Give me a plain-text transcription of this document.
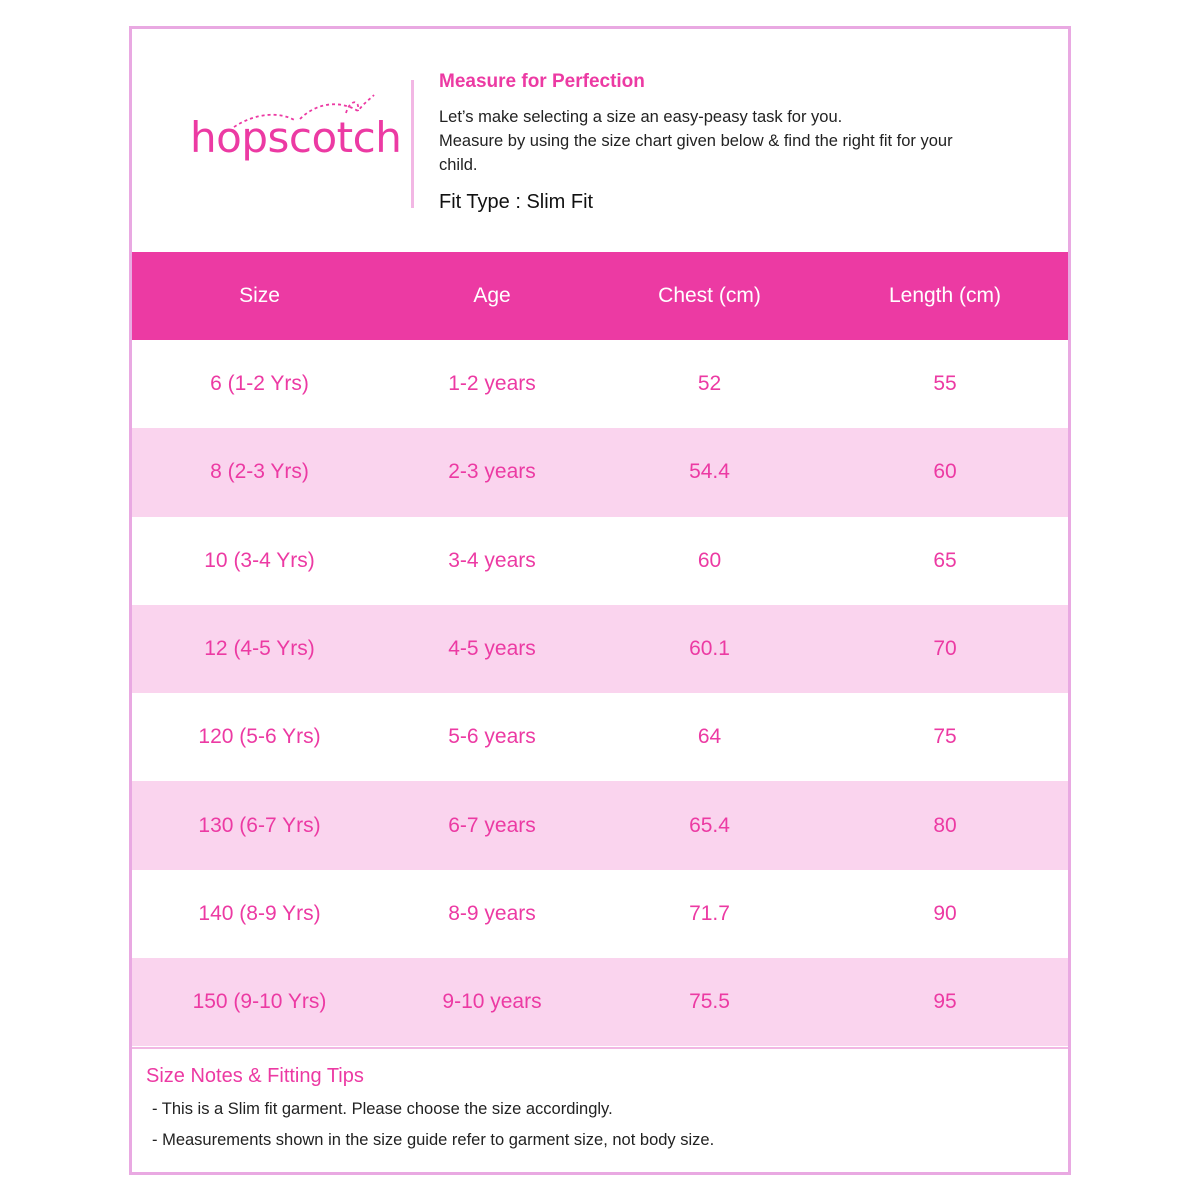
hopscotch

Measure for Perfection

Let’s make selecting a size an easy-peasy task for you.

Measure by using the size chart given below & find the right fit for your

child.

Fit Type : Slim Fit
Size	Age	Chest (cm)	Length (cm)
6 (1-2 Yrs)	1-2 years	52	55
8 (2-3 Yrs)	2-3 years	54.4	60
10 (3-4 Yrs)	3-4 years	60	65
12 (4-5 Yrs)	4-5 years	60.1	70
120 (5-6 Yrs)	5-6 years	64	75
130 (6-7 Yrs)	6-7 years	65.4	80
140 (8-9 Yrs)	8-9 years	71.7	90
150 (9-10 Yrs)	9-10 years	75.5	95

Size Notes & Fitting Tips

- This is a Slim fit garment. Please choose the size accordingly.

- Measurements shown in the size guide refer to garment size, not body size.
